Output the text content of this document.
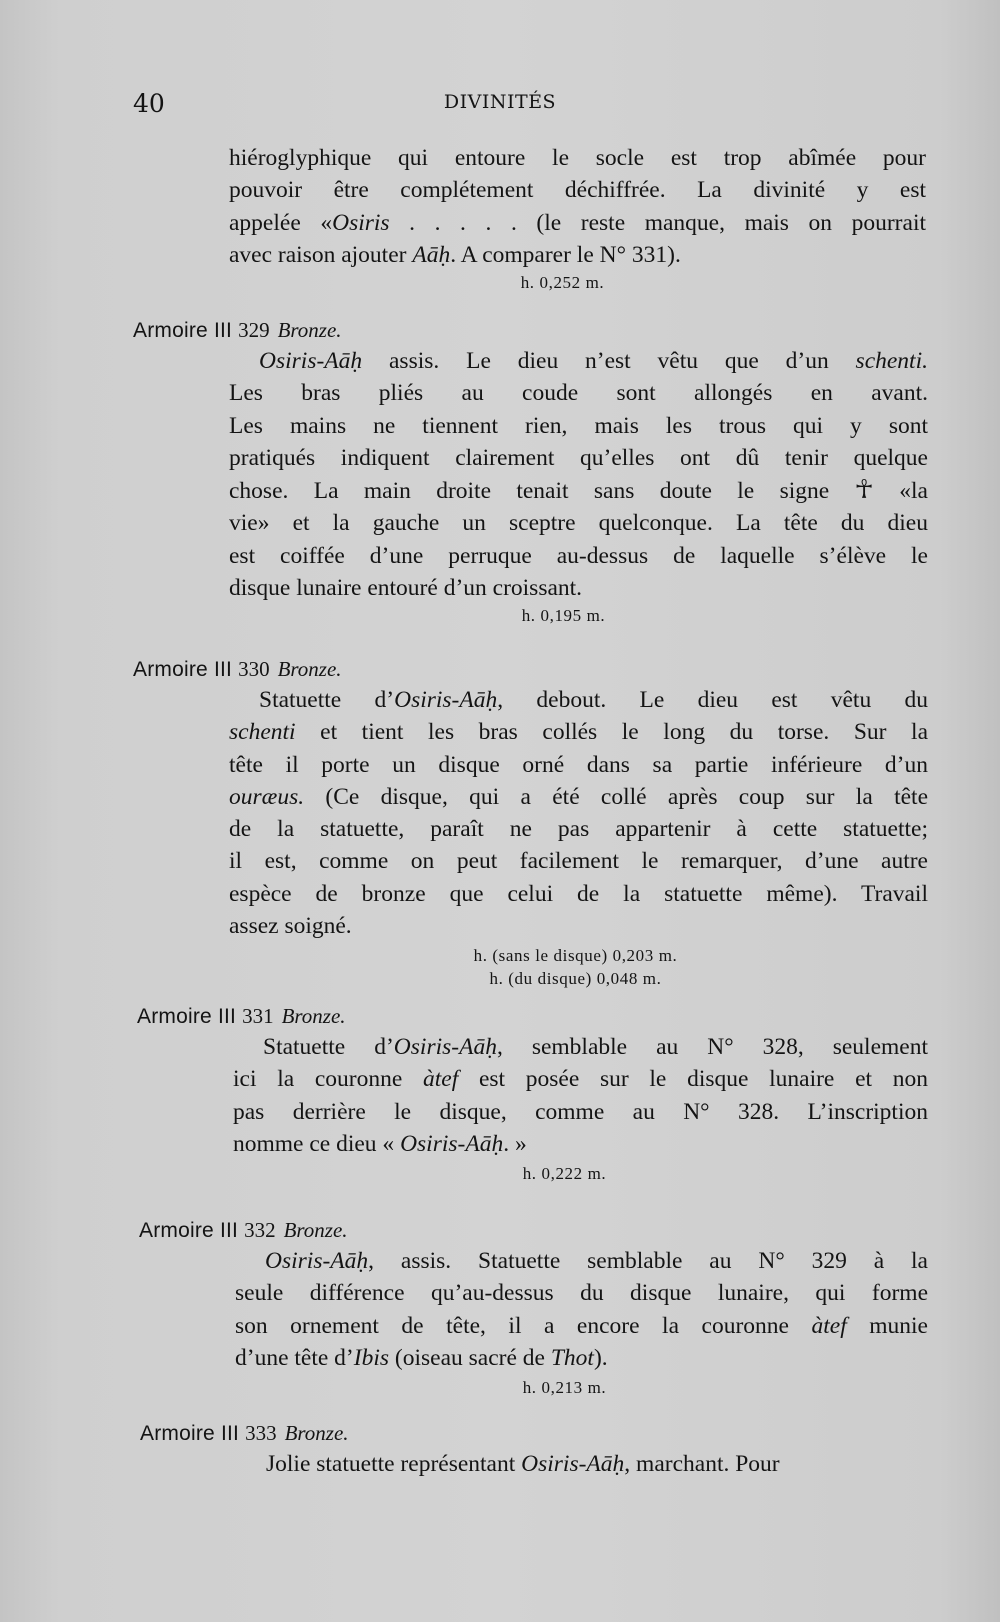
40	DIVINITÉS
hiéroglyphique qui entoure le socle est trop abîmée pour
pouvoir être complétement déchiffrée. La divinité y est
appelée «Osiris . . . . . (le reste manque, mais on pourrait
avec raison ajouter Aāḥ. A comparer le N° 331).

h. 0,252 m.

Armoire III 329 Bronze.

Osiris-Aāḥ assis. Le dieu n’est vêtu que d’un schenti.
Les bras pliés au coude sont allongés en avant.
Les mains ne tiennent rien, mais les trous qui y sont
pratiqués indiquent clairement qu’elles ont dû tenir quelque
chose. La main droite tenait sans doute le signe ☥ «la
vie» et la gauche un sceptre quelconque. La tête du dieu
est coiffée d’une perruque au-dessus de laquelle s’élève le
disque lunaire entouré d’un croissant.

h. 0,195 m.

Armoire III 330 Bronze.

Statuette d’Osiris-Aāḥ, debout. Le dieu est vêtu du
schenti et tient les bras collés le long du torse. Sur la
tête il porte un disque orné dans sa partie inférieure d’un
ouræus. (Ce disque, qui a été collé après coup sur la tête
de la statuette, paraît ne pas appartenir à cette statuette;
il est, comme on peut facilement le remarquer, d’une autre
espèce de bronze que celui de la statuette même). Travail
assez soigné.

h. (sans le disque) 0,203 m.

h. (du disque) 0,048 m.

Armoire III 331 Bronze.

Statuette d’Osiris-Aāḥ, semblable au N° 328, seulement
ici la couronne àtef est posée sur le disque lunaire et non
pas derrière le disque, comme au N° 328. L’inscription
nomme ce dieu « Osiris-Aāḥ. »

h. 0,222 m.

Armoire III 332 Bronze.

Osiris-Aāḥ, assis. Statuette semblable au N° 329 à la
seule différence qu’au-dessus du disque lunaire, qui forme
son ornement de tête, il a encore la couronne àtef munie
d’une tête d’Ibis (oiseau sacré de Thot).

h. 0,213 m.

Armoire III 333 Bronze.

Jolie statuette représentant Osiris-Aāḥ, marchant. Pour
